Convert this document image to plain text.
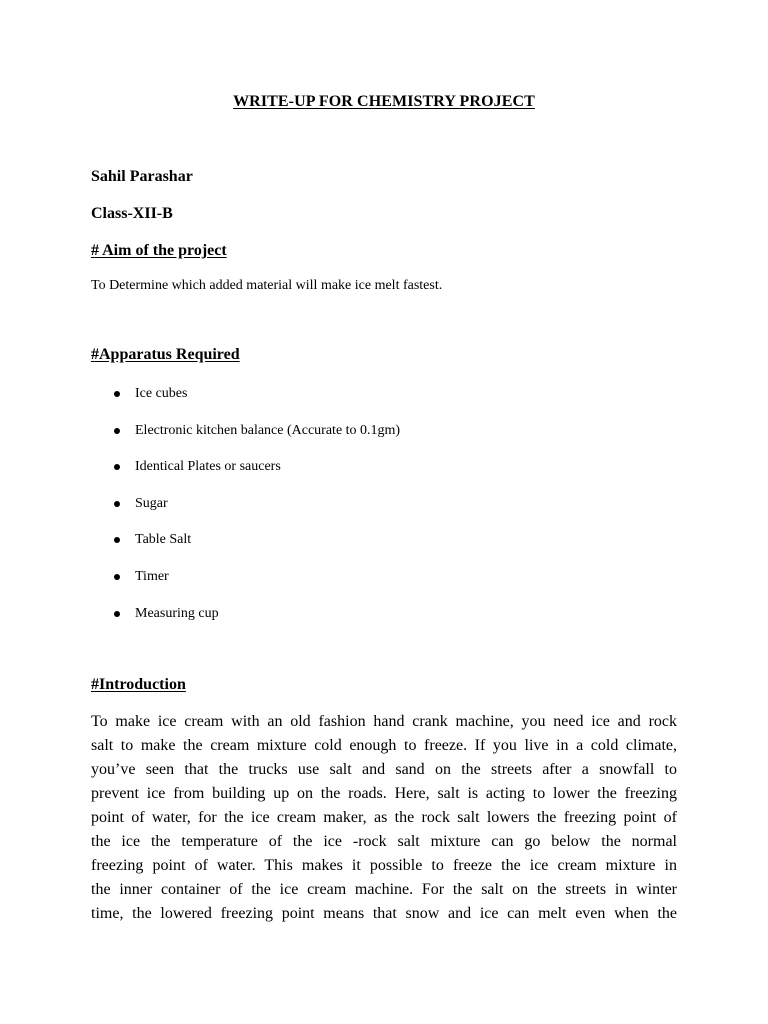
WRITE-UP FOR CHEMISTRY PROJECT
Sahil Parashar
Class-XII-B
# Aim of the project
To Determine which added material will make ice melt fastest.
#Apparatus Required
Ice cubes
Electronic kitchen balance (Accurate to 0.1gm)
Identical Plates or saucers
Sugar
Table Salt
Timer
Measuring cup
#Introduction
To make ice cream with an old fashion hand crank machine, you need ice and rock
salt to make the cream mixture cold enough to freeze. If you live in a cold climate,
you’ve seen that the trucks use salt and sand on the streets after a snowfall to
prevent ice from building up on the roads. Here, salt is acting to lower the freezing
point of water, for the ice cream maker, as the rock salt lowers the freezing point of
the ice the temperature of the ice -rock salt mixture can go below the normal
freezing point of water. This makes it possible to freeze the ice cream mixture in
the inner container of the ice cream machine. For the salt on the streets in winter
time, the lowered freezing point means that snow and ice can melt even when the
